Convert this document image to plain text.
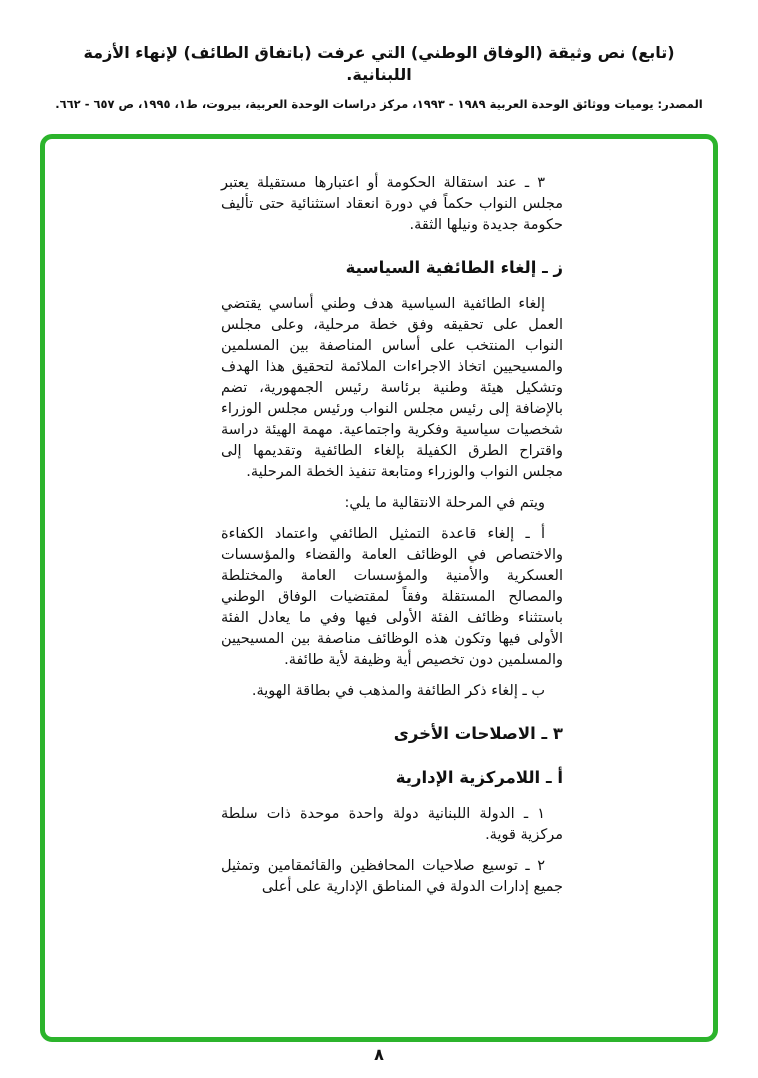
(تابع) نص وثيقة (الوفاق الوطني) التي عرفت (باتفاق الطائف) لإنهاء الأزمة اللبنانية.
المصدر: يوميات ووثائق الوحدة العربية ١٩٨٩ - ١٩٩٣، مركز دراسات الوحدة العربية، بيروت، ط١، ١٩٩٥، ص ٦٥٧ - ٦٦٢.

٣ ـ عند استقالة الحكومة أو اعتبارها مستقيلة يعتبر مجلس النواب حكماً في دورة انعقاد استثنائية حتى تأليف حكومة جديدة ونيلها الثقة.

ز ـ إلغاء الطائفية السياسية

إلغاء الطائفية السياسية هدف وطني أساسي يقتضي العمل على تحقيقه وفق خطة مرحلية، وعلى مجلس النواب المنتخب على أساس المناصفة بين المسلمين والمسيحيين اتخاذ الاجراءات الملائمة لتحقيق هذا الهدف وتشكيل هيئة وطنية برئاسة رئيس الجمهورية، تضم بالإضافة إلى رئيس مجلس النواب ورئيس مجلس الوزراء شخصيات سياسية وفكرية واجتماعية. مهمة الهيئة دراسة واقتراح الطرق الكفيلة بإلغاء الطائفية وتقديمها إلى مجلس النواب والوزراء ومتابعة تنفيذ الخطة المرحلية.

ويتم في المرحلة الانتقالية ما يلي:

أ ـ إلغاء قاعدة التمثيل الطائفي واعتماد الكفاءة والاختصاص في الوظائف العامة والقضاء والمؤسسات العسكرية والأمنية والمؤسسات العامة والمختلطة والمصالح المستقلة وفقاً لمقتضيات الوفاق الوطني باستثناء وظائف الفئة الأولى فيها وفي ما يعادل الفئة الأولى فيها وتكون هذه الوظائف مناصفة بين المسيحيين والمسلمين دون تخصيص أية وظيفة لأية طائفة.

ب ـ إلغاء ذكر الطائفة والمذهب في بطاقة الهوية.

٣ ـ الاصلاحات الأخرى
أ ـ اللامركزية الإدارية

١ ـ الدولة اللبنانية دولة واحدة موحدة ذات سلطة مركزية قوية.

٢ ـ توسيع صلاحيات المحافظين والقائمقامين وتمثيل جميع إدارات الدولة في المناطق الإدارية على أعلى

٨
